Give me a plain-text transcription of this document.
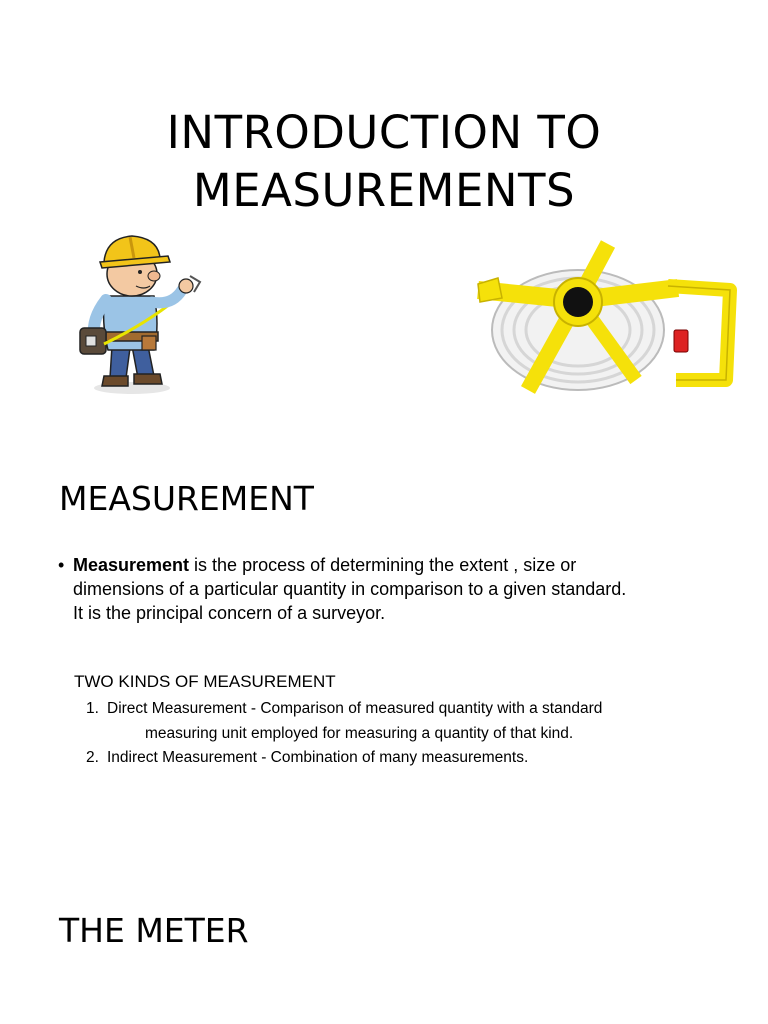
INTRODUCTION TO
MEASUREMENTS
MEASUREMENT
• Measurement is the process of determining the extent , size or
dimensions of a particular quantity in comparison to a given standard.
It is the principal concern of a surveyor.
TWO KINDS OF MEASUREMENT
1. Direct Measurement - Comparison of measured quantity with a standard
measuring unit employed for measuring a quantity of that kind.
2. Indirect Measurement - Combination of many measurements.
THE METER
